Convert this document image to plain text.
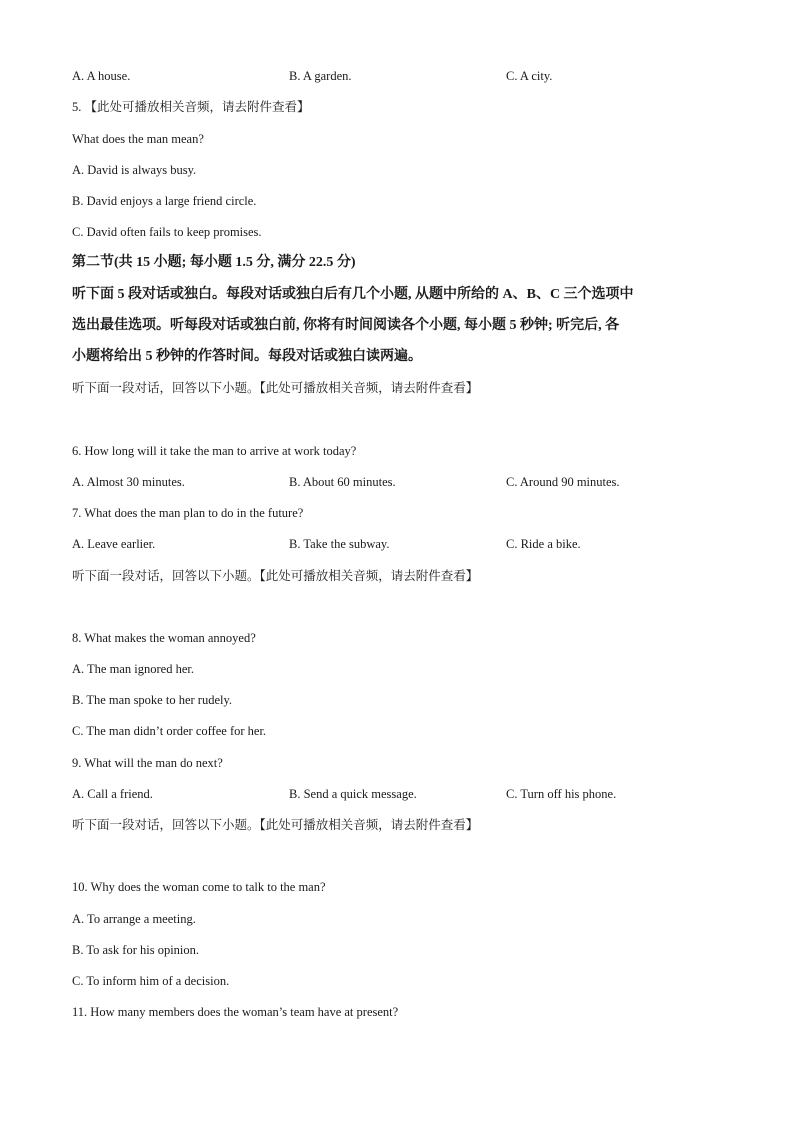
A. A house.	B. A garden.	C. A city.
5. 【此处可播放相关音频，请去附件查看】
What does the man mean?
A. David is always busy.
B. David enjoys a large friend circle.
C. David often fails to keep promises.
第二节(共 15 小题; 每小题 1.5 分, 满分 22.5 分)
听下面 5 段对话或独白。每段对话或独白后有几个小题, 从题中所给的 A、B、C 三个选项中
选出最佳选项。听每段对话或独白前, 你将有时间阅读各个小题, 每小题 5 秒钟; 听完后, 各
小题将给出 5 秒钟的作答时间。每段对话或独白读两遍。
听下面一段对话，回答以下小题。【此处可播放相关音频，请去附件查看】
6. How long will it take the man to arrive at work today?
A. Almost 30 minutes.	B. About 60 minutes.	C. Around 90 minutes.
7. What does the man plan to do in the future?
A. Leave earlier.	B. Take the subway.	C. Ride a bike.
听下面一段对话，回答以下小题。【此处可播放相关音频，请去附件查看】
8. What makes the woman annoyed?
A. The man ignored her.
B. The man spoke to her rudely.
C. The man didn’t order coffee for her.
9. What will the man do next?
A. Call a friend.	B. Send a quick message.	C. Turn off his phone.
听下面一段对话，回答以下小题。【此处可播放相关音频，请去附件查看】
10. Why does the woman come to talk to the man?
A. To arrange a meeting.
B. To ask for his opinion.
C. To inform him of a decision.
11. How many members does the woman’s team have at present?
